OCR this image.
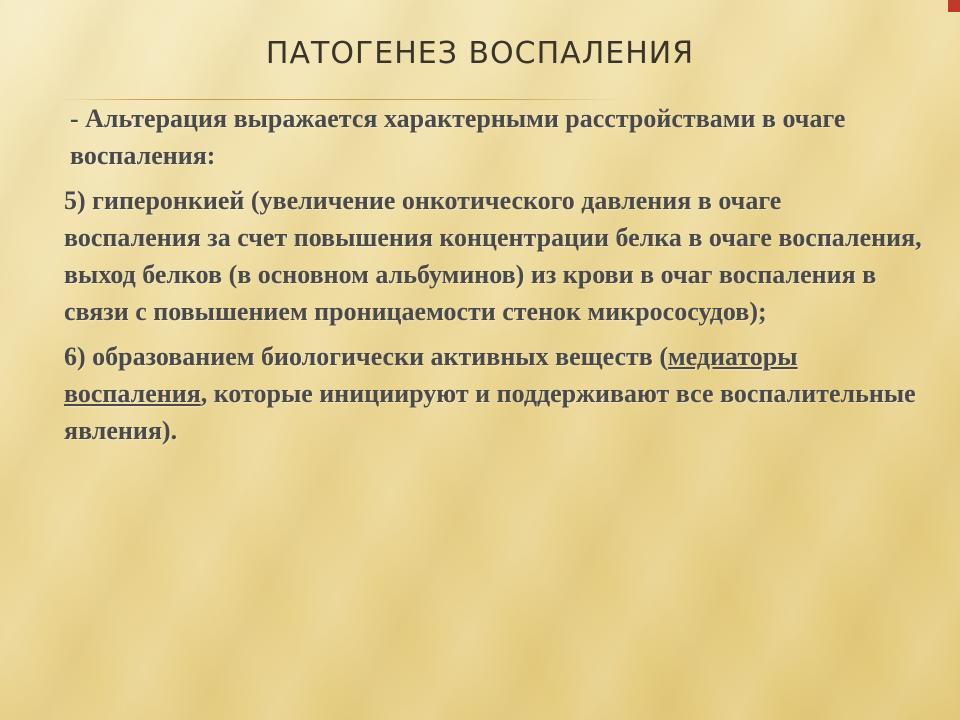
ПАТОГЕНЕЗ ВОСПАЛЕНИЯ

- Альтерация выражается характерными расстройствами в очаге воспаления:

5) гиперонкией (увеличение онкотического давления в очаге воспаления за счет повышения концентрации белка в очаге воспаления, выход белков (в основном альбуминов) из крови в очаг воспаления в связи с повышением проницаемости стенок микрососудов);

6) образованием биологически активных веществ (медиаторы воспаления, которые инициируют и поддерживают все воспалительные явления).
